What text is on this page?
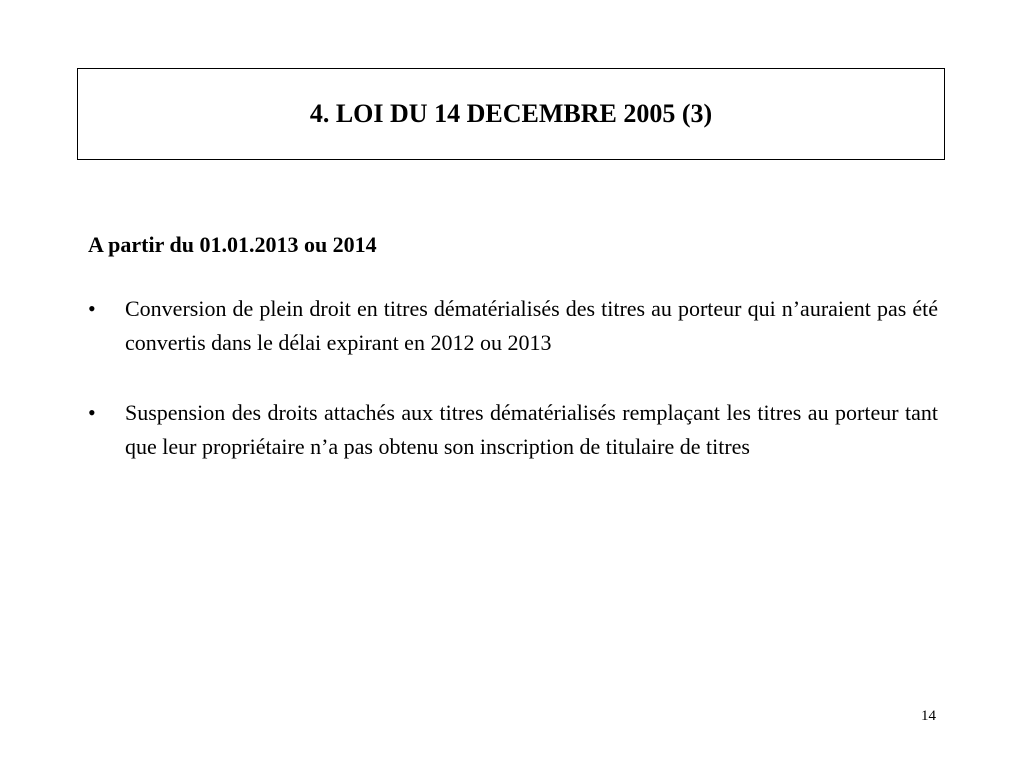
4. LOI DU 14 DECEMBRE 2005 (3)

A partir du 01.01.2013 ou 2014

• Conversion de plein droit en titres dématérialisés des titres au porteur qui n’auraient pas été convertis dans le délai expirant en 2012 ou 2013
• Suspension des droits attachés aux titres dématérialisés remplaçant les titres au porteur tant que leur propriétaire n’a pas obtenu son inscription de titulaire de titres
14
